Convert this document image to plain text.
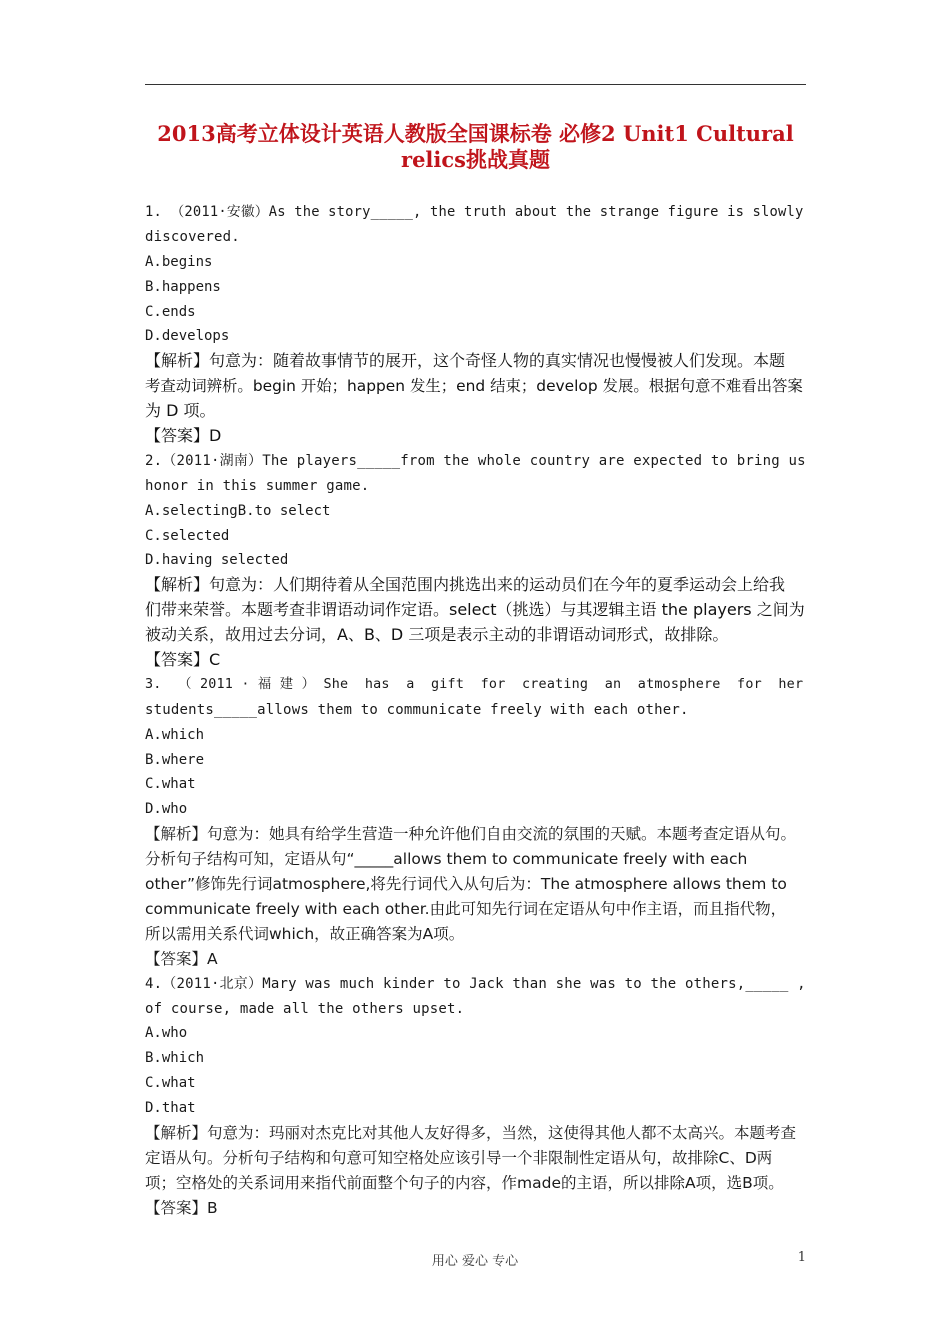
2013高考立体设计英语人教版全国课标卷 必修2 Unit1 Cultural
relics挑战真题
1. （2011·安徽）As the story_____, the truth about the strange figure is slowly
discovered.
A.begins
B.happens
C.ends
D.develops
【解析】句意为：随着故事情节的展开，这个奇怪人物的真实情况也慢慢被人们发现。本题
考查动词辨析。begin 开始；happen 发生；end 结束；develop 发展。根据句意不难看出答案
为 D 项。
【答案】D
2.（2011·湖南）The players_____from the whole country are expected to bring us
honor in this summer game.
A.selectingB.to select
C.selected
D.having selected
【解析】句意为：人们期待着从全国范围内挑选出来的运动员们在今年的夏季运动会上给我
们带来荣誉。本题考查非谓语动词作定语。select（挑选）与其逻辑主语 the players 之间为
被动关系，故用过去分词，A、B、D 三项是表示主动的非谓语动词形式，故排除。
【答案】C
3.  （ 2011 · 福 建 ） She  has  a  gift  for  creating  an  atmosphere  for  her
students_____allows them to communicate freely with each other.
A.which
B.where
C.what
D.who
【解析】句意为：她具有给学生营造一种允许他们自由交流的氛围的天赋。本题考查定语从句。
分析句子结构可知，定语从句“_____allows them to communicate freely with each
other”修饰先行词atmosphere,将先行词代入从句后为：The atmosphere allows them to
communicate freely with each other.由此可知先行词在定语从句中作主语，而且指代物，
所以需用关系代词which，故正确答案为A项。
【答案】A
4.（2011·北京）Mary was much kinder to Jack than she was to the others,_____ ,
of course, made all the others upset.
A.who
B.which
C.what
D.that
【解析】句意为：玛丽对杰克比对其他人友好得多，当然，这使得其他人都不太高兴。本题考查
定语从句。分析句子结构和句意可知空格处应该引导一个非限制性定语从句，故排除C、D两
项；空格处的关系词用来指代前面整个句子的内容，作made的主语，所以排除A项，选B项。
【答案】B
用心 爱心 专心	1
